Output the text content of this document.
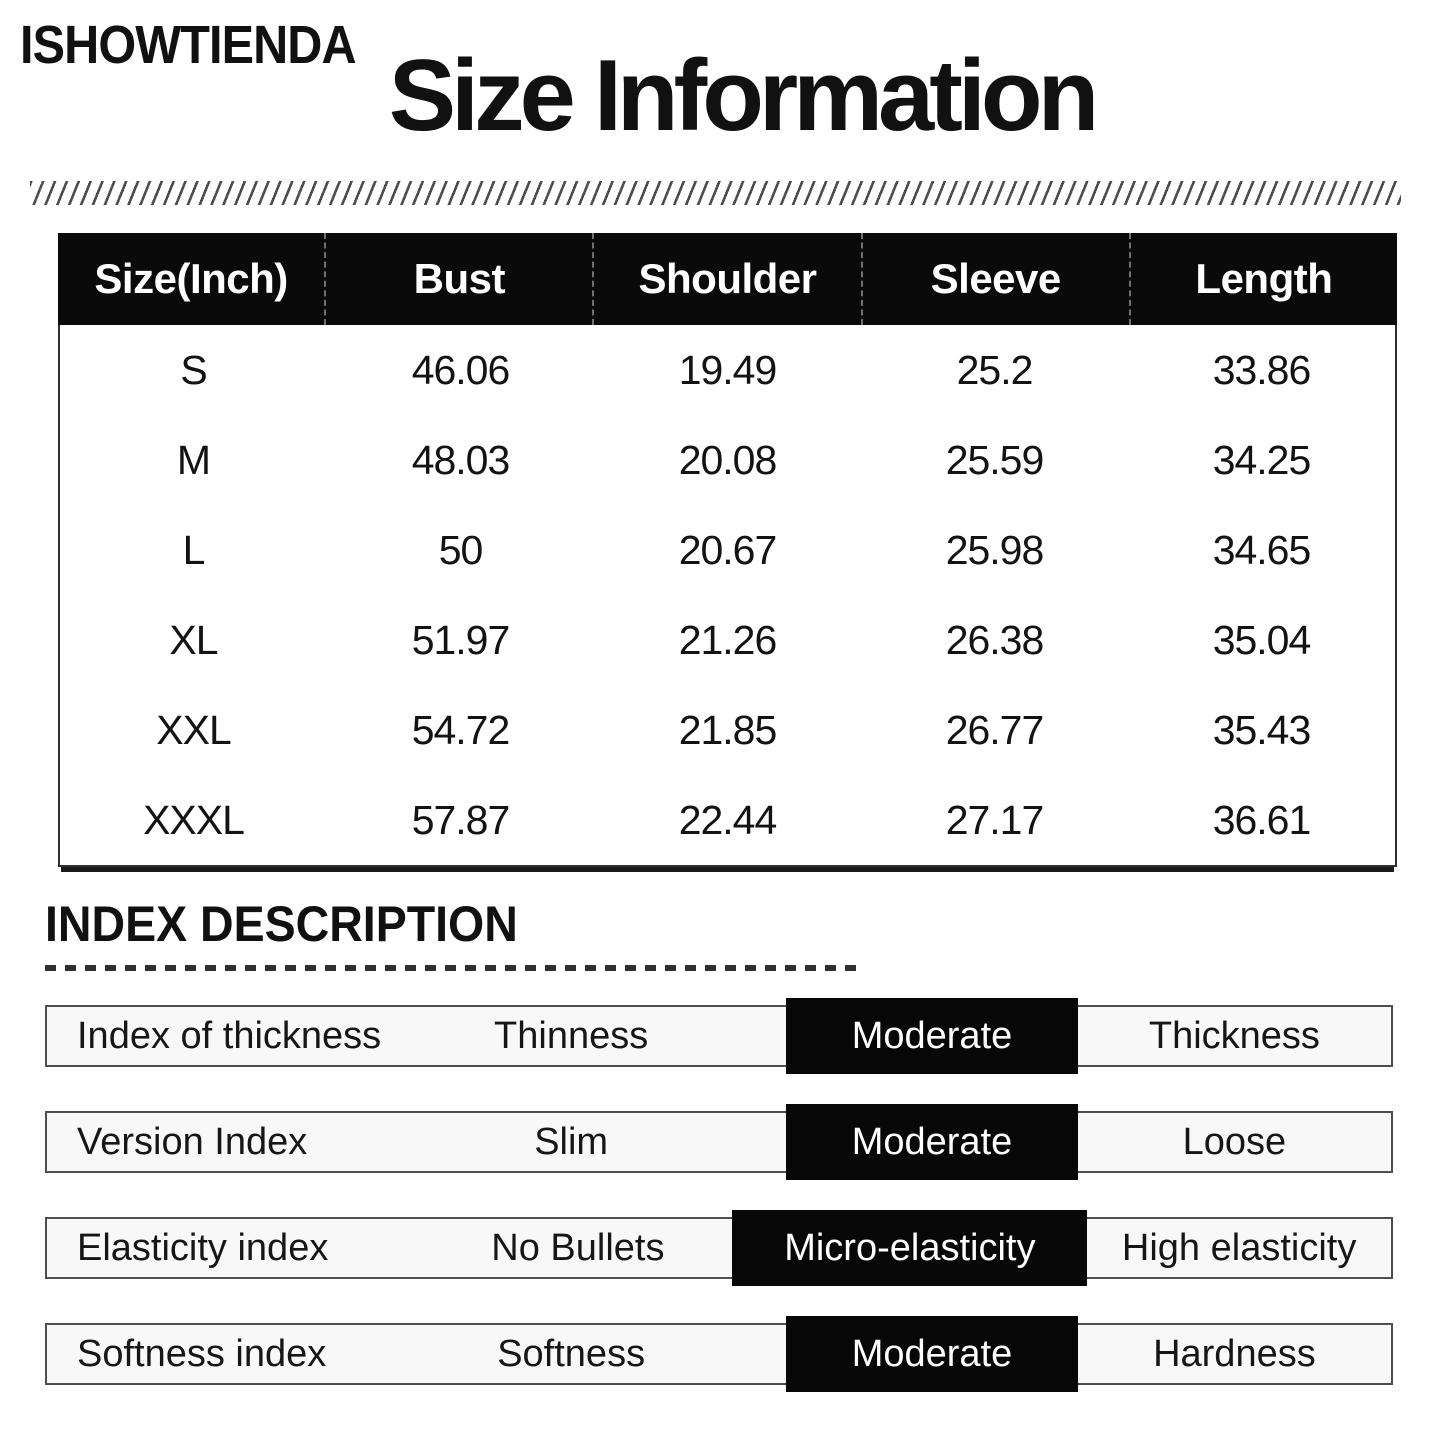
ISHOWTIENDA Size Information
Size(Inch)	Bust	Shoulder	Sleeve	Length
S	46.06	19.49	25.2	33.86
M	48.03	20.08	25.59	34.25
L	50	20.67	25.98	34.65
XL	51.97	21.26	26.38	35.04
XXL	54.72	21.85	26.77	35.43
XXXL	57.87	22.44	27.17	36.61
INDEX DESCRIPTION
Index of thickness	Thinness	Moderate	Thickness
Version Index	Slim	Moderate	Loose
Elasticity index	No Bullets	Micro-elasticity	High elasticity
Softness index	Softness	Moderate	Hardness
